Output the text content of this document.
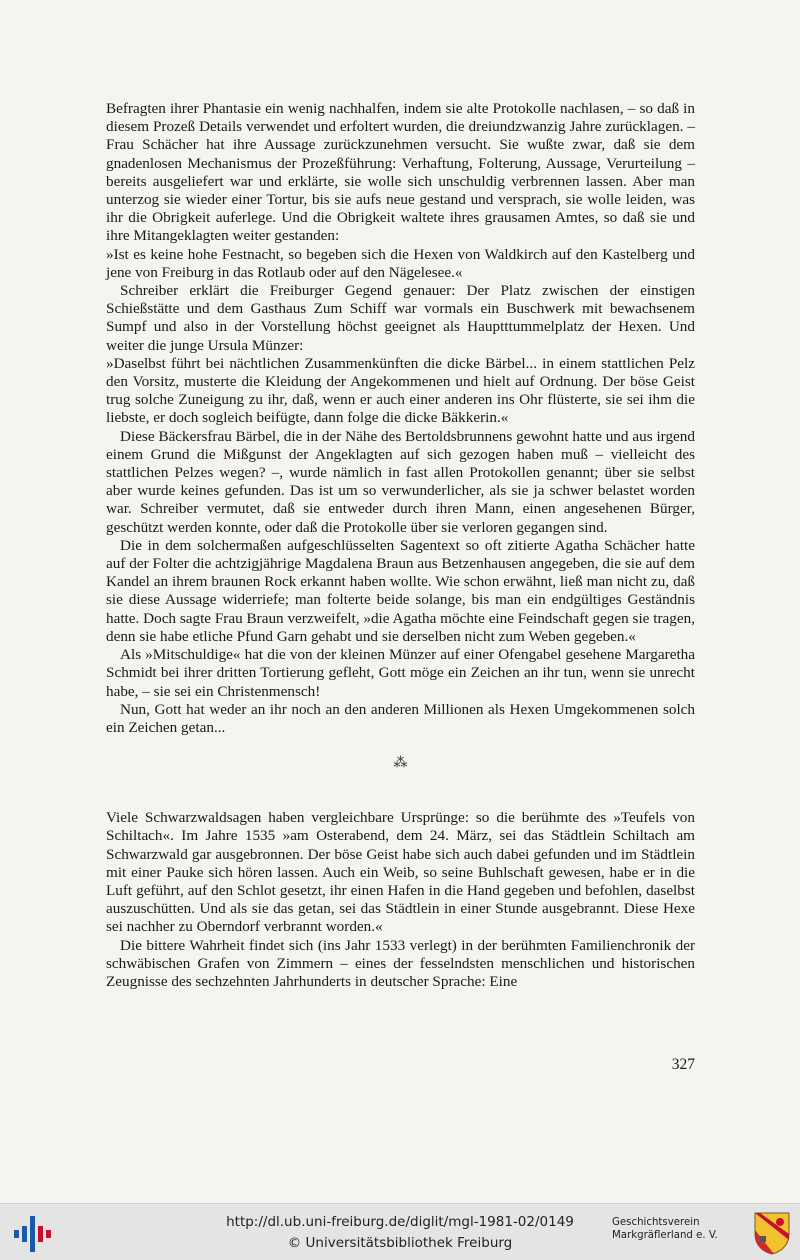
Befragten ihrer Phantasie ein wenig nachhalfen, indem sie alte Protokolle nachlasen, – so daß in diesem Prozeß Details verwendet und erfoltert wurden, die dreiundzwanzig Jahre zurücklagen. – Frau Schächer hat ihre Aussage zurückzunehmen versucht. Sie wußte zwar, daß sie dem gnadenlosen Mechanismus der Prozeßführung: Verhaftung, Folterung, Aussage, Verurteilung – bereits ausgeliefert war und erklärte, sie wolle sich unschuldig verbrennen lassen. Aber man unterzog sie wieder einer Tortur, bis sie aufs neue gestand und versprach, sie wolle leiden, was ihr die Obrigkeit auferlege. Und die Obrigkeit waltete ihres grausamen Amtes, so daß sie und ihre Mitangeklagten weiter gestanden:

»Ist es keine hohe Festnacht, so begeben sich die Hexen von Waldkirch auf den Kastelberg und jene von Freiburg in das Rotlaub oder auf den Nägelesee.«

Schreiber erklärt die Freiburger Gegend genauer: Der Platz zwischen der einstigen Schießstätte und dem Gasthaus Zum Schiff war vormals ein Buschwerk mit bewachsenem Sumpf und also in der Vorstellung höchst geeignet als Hauptttummelplatz der Hexen. Und weiter die junge Ursula Münzer:

»Daselbst führt bei nächtlichen Zusammenkünften die dicke Bärbel... in einem stattlichen Pelz den Vorsitz, musterte die Kleidung der Angekommenen und hielt auf Ordnung. Der böse Geist trug solche Zuneigung zu ihr, daß, wenn er auch einer anderen ins Ohr flüsterte, sie sei ihm die liebste, er doch sogleich beifügte, dann folge die dicke Bäkkerin.«

Diese Bäckersfrau Bärbel, die in der Nähe des Bertoldsbrunnens gewohnt hatte und aus irgend einem Grund die Mißgunst der Angeklagten auf sich gezogen haben muß – vielleicht des stattlichen Pelzes wegen? –, wurde nämlich in fast allen Protokollen genannt; über sie selbst aber wurde keines gefunden. Das ist um so verwunderlicher, als sie ja schwer belastet worden war. Schreiber vermutet, daß sie entweder durch ihren Mann, einen angesehenen Bürger, geschützt werden konnte, oder daß die Protokolle über sie verloren gegangen sind.

Die in dem solchermaßen aufgeschlüsselten Sagentext so oft zitierte Agatha Schächer hatte auf der Folter die achtzigjährige Magdalena Braun aus Betzenhausen angegeben, die sie auf dem Kandel an ihrem braunen Rock erkannt haben wollte. Wie schon erwähnt, ließ man nicht zu, daß sie diese Aussage widerriefe; man folterte beide solange, bis man ein endgültiges Geständnis hatte. Doch sagte Frau Braun verzweifelt, »die Agatha möchte eine Feindschaft gegen sie tragen, denn sie habe etliche Pfund Garn gehabt und sie derselben nicht zum Weben gegeben.«

Als »Mitschuldige« hat die von der kleinen Münzer auf einer Ofengabel gesehene Margaretha Schmidt bei ihrer dritten Tortierung gefleht, Gott möge ein Zeichen an ihr tun, wenn sie unrecht habe, – sie sei ein Christenmensch!

Nun, Gott hat weder an ihr noch an den anderen Millionen als Hexen Umgekommenen solch ein Zeichen getan...

⁂

Viele Schwarzwaldsagen haben vergleichbare Ursprünge: so die berühmte des »Teufels von Schiltach«. Im Jahre 1535 »am Osterabend, dem 24. März, sei das Städtlein Schiltach am Schwarzwald gar ausgebronnen. Der böse Geist habe sich auch dabei gefunden und im Städtlein mit einer Pauke sich hören lassen. Auch ein Weib, so seine Buhlschaft gewesen, habe er in die Luft geführt, auf den Schlot gesetzt, ihr einen Hafen in die Hand gegeben und befohlen, daselbst auszuschütten. Und als sie das getan, sei das Städtlein in einer Stunde ausgebrannt. Diese Hexe sei nachher zu Oberndorf verbrannt worden.«

Die bittere Wahrheit findet sich (ins Jahr 1533 verlegt) in der berühmten Familienchronik der schwäbischen Grafen von Zimmern – eines der fesselndsten menschlichen und historischen Zeugnisse des sechzehnten Jahrhunderts in deutscher Sprache: Eine

327
http://dl.ub.uni-freiburg.de/diglit/mgl-1981-02/0149
© Universitätsbibliothek Freiburg
Geschichtsverein
Markgräflerland e. V.
